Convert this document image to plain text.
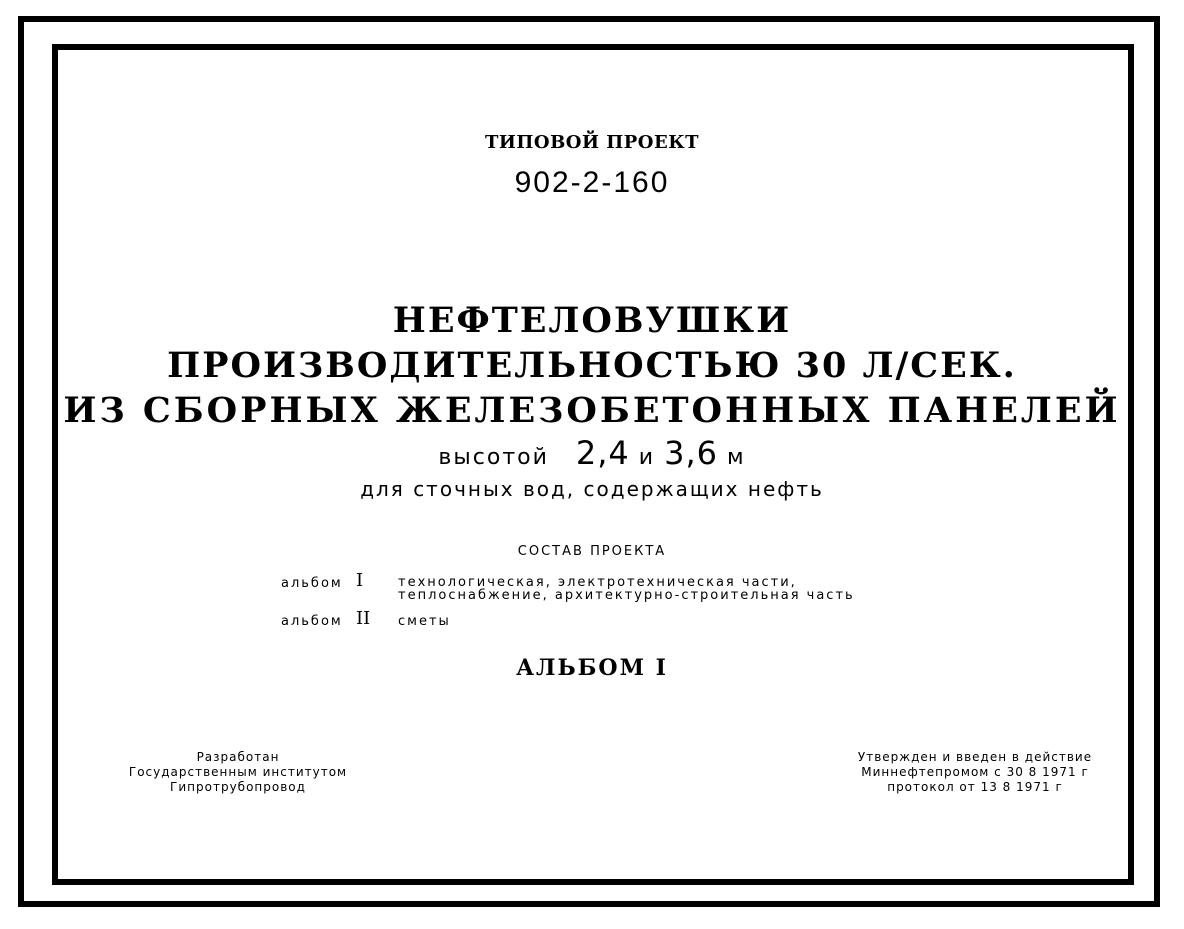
ТИПОВОЙ ПРОЕКТ
902-2-160
НЕФТЕЛОВУШКИ
ПРОИЗВОДИТЕЛЬНОСТЬЮ 30 Л/СЕК.
ИЗ СБОРНЫХ ЖЕЛЕЗОБЕТОННЫХ ПАНЕЛЕЙ
высотой 2,4 и 3,6 м
для сточных вод, содержащих нефть
СОСТАВ ПРОЕКТА
альбом I	технологическая, электротехническая части,
теплоснабжение, архитектурно-строительная часть
альбом II сметы
АЛЬБОМ I
Разработан
Государственным институтом
Гипротрубопровод
Утвержден и введен в действие
Миннефтепромом с 30 8 1971 г
протокол от 13 8 1971 г
